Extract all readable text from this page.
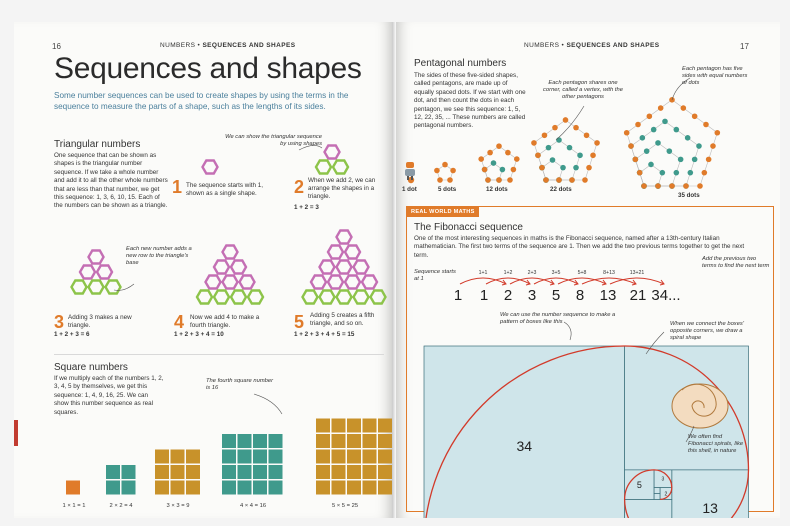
16	NUMBERS • SEQUENCES AND SHAPES
Sequences and shapes
Some number sequences can be used to create shapes by using the terms in the sequence to measure the parts of a shape, such as the lengths of its sides.
Triangular numbers
One sequence that can be shown as shapes is the triangular number sequence. If we take a whole number and add it to all the other whole numbers that are less than that number, we get this sequence: 1, 3, 6, 10, 15. Each of the numbers can be shown as a triangle.
We can show the triangular sequence by using shapes
Each new number adds a new row to the triangle's base
1 The sequence starts with 1, shown as a single shape.	2 When we add 2, we can arrange the shapes in a triangle.
1 + 2 = 3
3 Adding 3 makes a new triangle.
1 + 2 + 3 = 6
4 Now we add 4 to make a fourth triangle.
1 + 2 + 3 + 4 = 10
5 Adding 5 creates a fifth triangle, and so on.
1 + 2 + 3 + 4 + 5 = 15
Square numbers
If we multiply each of the numbers 1, 2, 3, 4, 5 by themselves, we get this sequence: 1, 4, 9, 16, 25. We can show this number sequence as real squares.
The fourth square number is 16
1 × 1 = 1	2 × 2 = 4	3 × 3 = 9	4 × 4 = 16	5 × 5 = 25
NUMBERS • SEQUENCES AND SHAPES	17
Pentagonal numbers
The sides of these five-sided shapes, called pentagons, are made up of equally spaced dots. If we start with one dot, and then count the dots in each pentagon, we see this sequence: 1, 5, 12, 22, 35, ... These numbers are called pentagonal numbers.
Each pentagon shares one corner, called a vertex, with the other pentagons
Each pentagon has five sides with equal numbers of dots
1 dot	5 dots	12 dots	22 dots
35 dots
REAL WORLD MATHS
The Fibonacci sequence
One of the most interesting sequences in maths is the Fibonacci sequence, named after a 13th-century Italian mathematician. The first two terms of the sequence are 1. Then we add the two previous terms together to get the next term.
Sequence starts at 1
Add the previous two terms to find the next term
1 1 2 3 5 8 13 21 34...
1+1	1+2	2+3	3+5	5+8	8+13	13+21
34
13
8
5
3
2
We can use the number sequence to make a pattern of boxes like this	When we connect the boxes' opposite corners, we draw a spiral shape
We often find Fibonacci spirals, like this shell, in nature
